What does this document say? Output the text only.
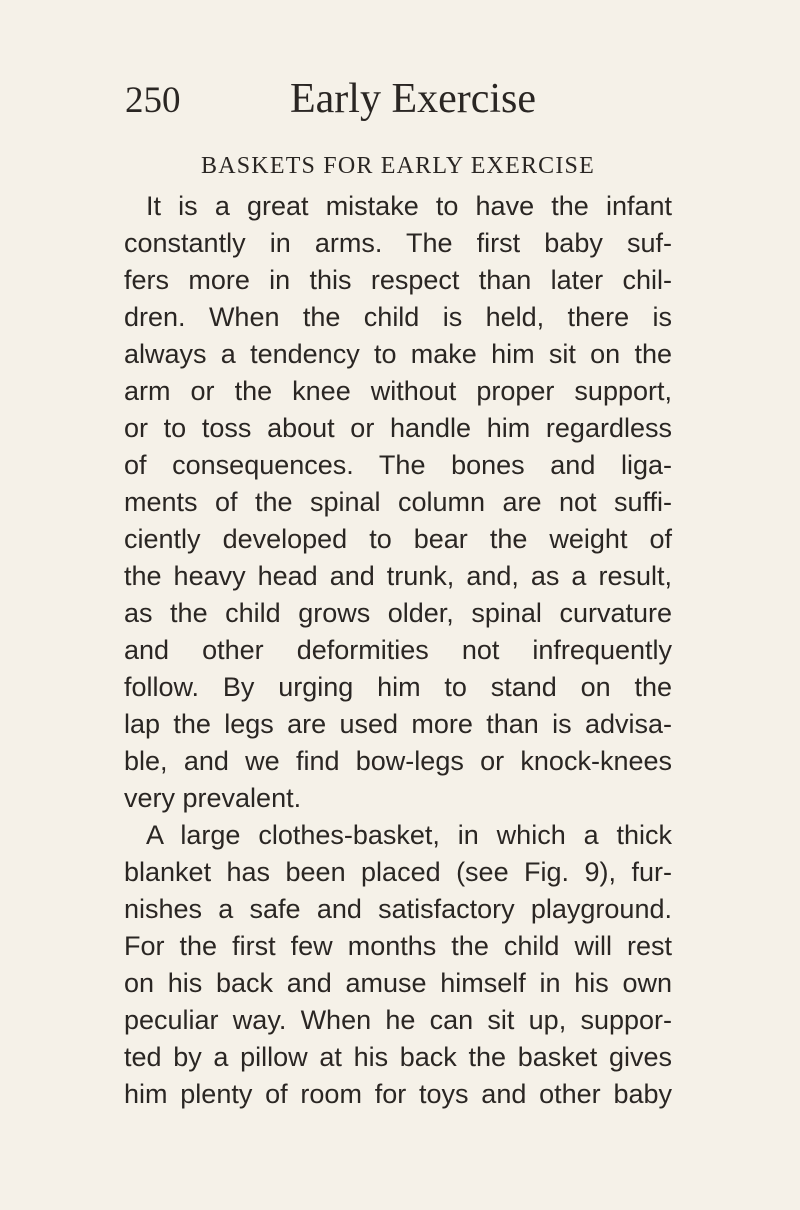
250	Early Exercise
BASKETS FOR EARLY EXERCISE

It is a great mistake to have the infant
constantly in arms. The first baby suf-
fers more in this respect than later chil-
dren. When the child is held, there is
always a tendency to make him sit on the
arm or the knee without proper support,
or to toss about or handle him regardless
of consequences. The bones and liga-
ments of the spinal column are not suffi-
ciently developed to bear the weight of
the heavy head and trunk, and, as a result,
as the child grows older, spinal curvature
and other deformities not infrequently
follow. By urging him to stand on the
lap the legs are used more than is advisa-
ble, and we find bow-legs or knock-knees
very prevalent.

A large clothes-basket, in which a thick
blanket has been placed (see Fig. 9), fur-
nishes a safe and satisfactory playground.
For the first few months the child will rest
on his back and amuse himself in his own
peculiar way. When he can sit up, suppor-
ted by a pillow at his back the basket gives
him plenty of room for toys and other baby
